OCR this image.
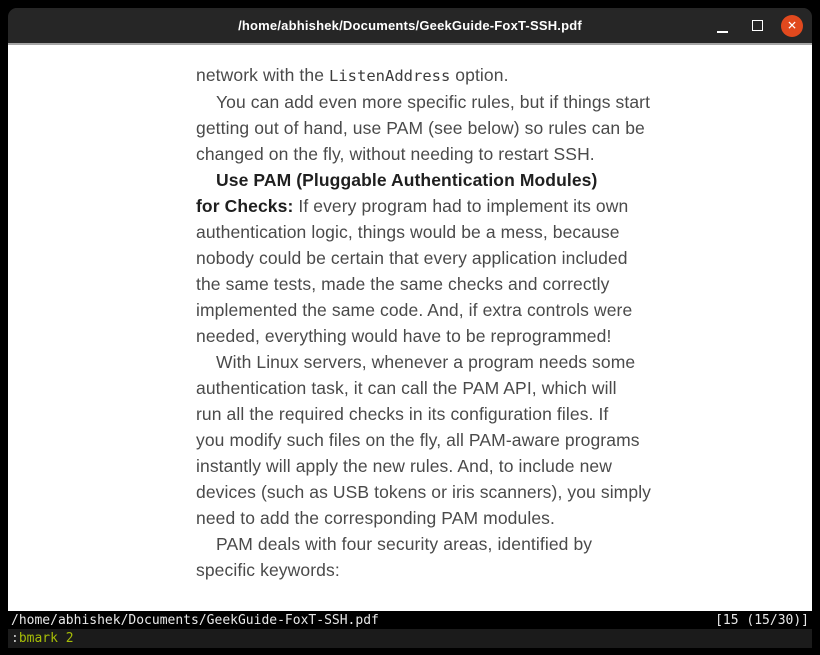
/home/abhishek/Documents/GeekGuide-FoxT-SSH.pdf	✕
network with the ListenAddress option.
You can add even more specific rules, but if things start
getting out of hand, use PAM (see below) so rules can be
changed on the fly, without needing to restart SSH.
Use PAM (Pluggable Authentication Modules)
for Checks: If every program had to implement its own
authentication logic, things would be a mess, because
nobody could be certain that every application included
the same tests, made the same checks and correctly
implemented the same code. And, if extra controls were
needed, everything would have to be reprogrammed!
With Linux servers, whenever a program needs some
authentication task, it can call the PAM API, which will
run all the required checks in its configuration files. If
you modify such files on the fly, all PAM-aware programs
instantly will apply the new rules. And, to include new
devices (such as USB tokens or iris scanners), you simply
need to add the corresponding PAM modules.
PAM deals with four security areas, identified by
specific keywords:
/home/abhishek/Documents/GeekGuide-FoxT-SSH.pdf	[15 (15/30)]
: bmark 2
